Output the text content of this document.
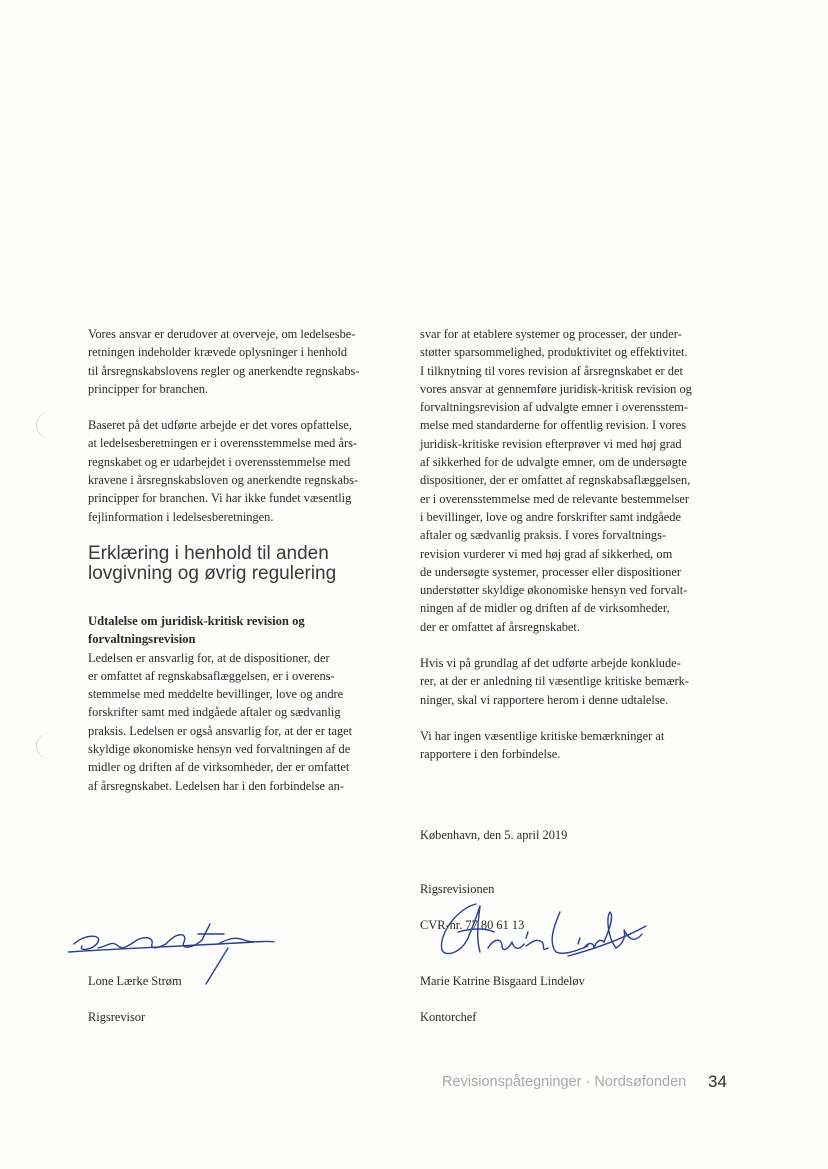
Vores ansvar er derudover at overveje, om ledelsesbe-
retningen indeholder krævede oplysninger i henhold
til årsregnskabslovens regler og anerkendte regnskabs-
principper for branchen.

Baseret på det udførte arbejde er det vores opfattelse,
at ledelsesberetningen er i overensstemmelse med års-
regnskabet og er udarbejdet i overensstemmelse med
kravene i årsregnskabsloven og anerkendte regnskabs-
principper for branchen. Vi har ikke fundet væsentlig
fejlinformation i ledelsesberetningen.

Erklæring i henhold til anden
lovgivning og øvrig regulering

Udtalelse om juridisk-kritisk revision og
forvaltningsrevision

Ledelsen er ansvarlig for, at de dispositioner, der
er omfattet af regnskabsaflæggelsen, er i overens-
stemmelse med meddelte bevillinger, love og andre
forskrifter samt med indgåede aftaler og sædvanlig
praksis. Ledelsen er også ansvarlig for, at der er taget
skyldige økonomiske hensyn ved forvaltningen af de
midler og driften af de virksomheder, der er omfattet
af årsregnskabet. Ledelsen har i den forbindelse an-

svar for at etablere systemer og processer, der under-
støtter sparsommelighed, produktivitet og effektivitet.
I tilknytning til vores revision af årsregnskabet er det
vores ansvar at gennemføre juridisk-kritisk revision og
forvaltningsrevision af udvalgte emner i overensstem-
melse med standarderne for offentlig revision. I vores
juridisk-kritiske revision efterprøver vi med høj grad
af sikkerhed for de udvalgte emner, om de undersøgte
dispositioner, der er omfattet af regnskabsaflæggelsen,
er i overensstemmelse med de relevante bestemmelser
i bevillinger, love og andre forskrifter samt indgåede
aftaler og sædvanlig praksis. I vores forvaltnings-
revision vurderer vi med høj grad af sikkerhed, om
de undersøgte systemer, processer eller dispositioner
understøtter skyldige økonomiske hensyn ved forvalt-
ningen af de midler og driften af de virksomheder,
der er omfattet af årsregnskabet.

Hvis vi på grundlag af det udførte arbejde konklude-
rer, at der er anledning til væsentlige kritiske bemærk-
ninger, skal vi rapportere herom i denne udtalelse.

Vi har ingen væsentlige kritiske bemærkninger at
rapportere i den forbindelse.

København, den 5. april 2019

Rigsrevisionen

CVR-nr. 77 80 61 13

Lone Lærke Strøm

Rigsrevisor

Marie Katrine Bisgaard Lindeløv

Kontorchef

Revisionspåtegninger · Nordsøfonden 34
